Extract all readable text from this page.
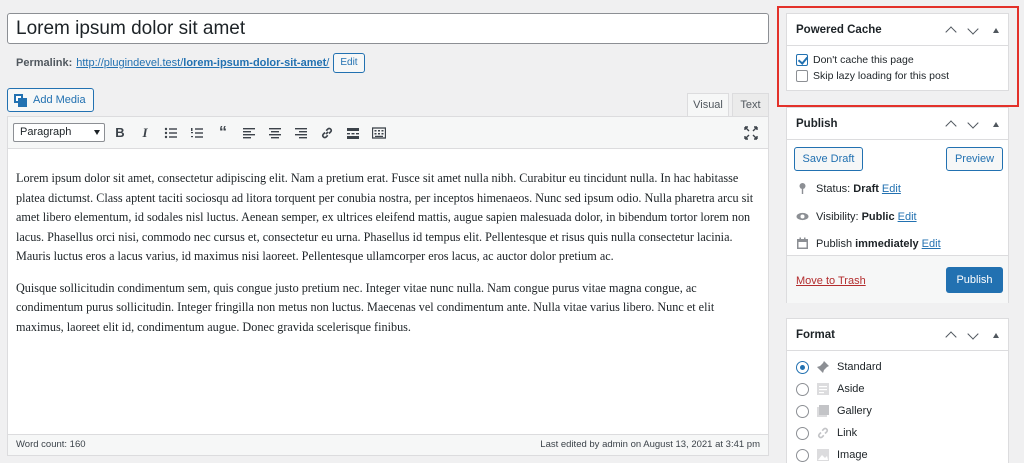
Lorem ipsum dolor sit amet
Permalink: http://plugindevel.test/lorem-ipsum-dolor-sit-amet/	Edit
Add Media	Visual	Text
Paragraph	B	I	“

Lorem ipsum dolor sit amet, consectetur adipiscing elit. Nam a pretium erat. Fusce sit amet nulla nibh. Curabitur eu tincidunt nulla. In hac habitasse platea dictumst. Class aptent taciti sociosqu ad litora torquent per conubia nostra, per inceptos himenaeos. Nunc sed ipsum odio. Nulla pharetra arcu sit amet libero elementum, id sodales nisl luctus. Aenean semper, ex ultrices eleifend mattis, augue sapien malesuada dolor, in bibendum tortor lorem non lacus. Phasellus orci nisi, commodo nec cursus et, consectetur eu urna. Phasellus id tempus elit. Pellentesque et risus quis nulla consectetur lacinia. Mauris luctus eros a lacus varius, id maximus nisi laoreet. Pellentesque ullamcorper eros lacus, ac auctor dolor pretium ac.

Quisque sollicitudin condimentum sem, quis congue justo pretium nec. Integer vitae nunc nulla. Nam congue purus vitae magna congue, ac condimentum purus sollicitudin. Integer fringilla non metus non luctus. Maecenas vel condimentum ante. Nulla vitae varius libero. Nunc et elit maximus, laoreet elit id, condimentum augue. Donec gravida scelerisque finibus.

Word count: 160	Last edited by admin on August 13, 2021 at 3:41 pm
Powered Cache
Don't cache this page
Skip lazy loading for this post
Publish
Save Draft	Preview
Status: Draft Edit
Visibility: Public Edit
Publish immediately Edit
Move to Trash	Publish
Format
Standard
Aside
Gallery
Link
Image
